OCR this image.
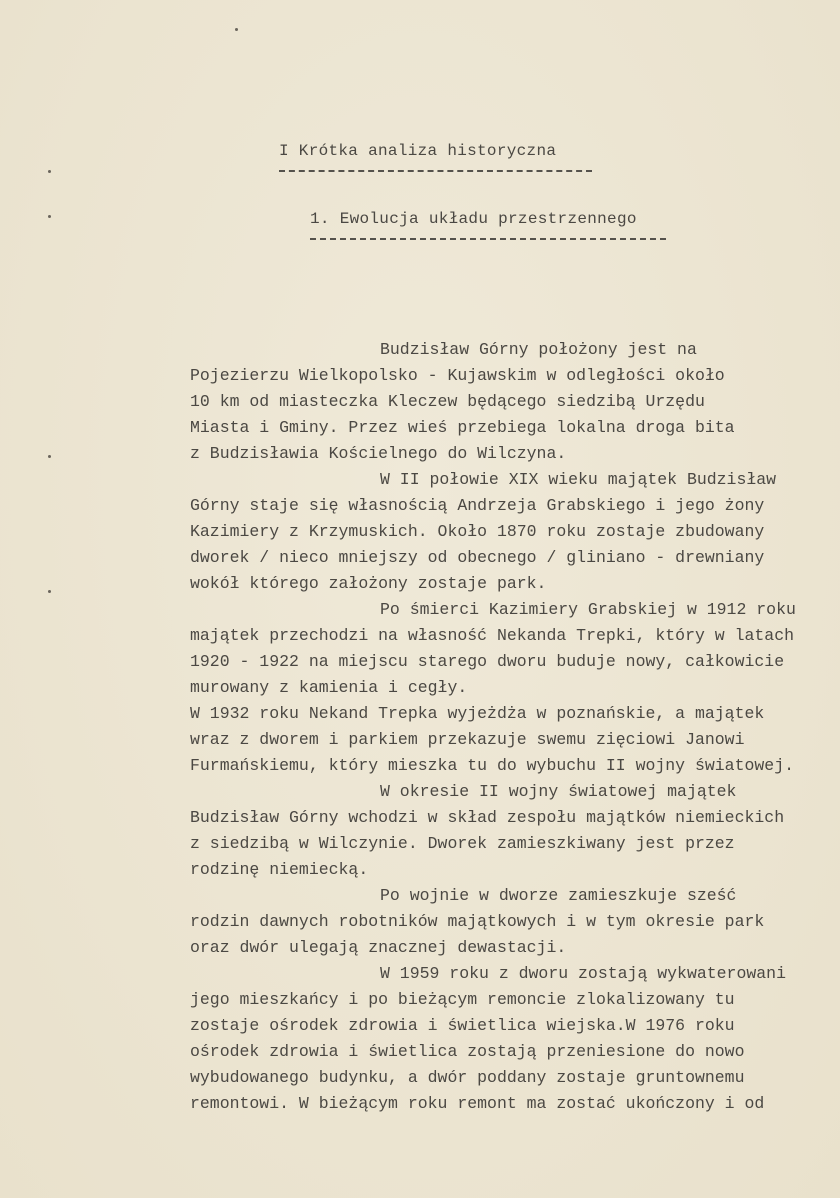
I Krótka analiza historyczna
1. Ewolucja układu przestrzennego
Budzisław Górny położony jest na
Pojezierzu Wielkopolsko - Kujawskim w odległości około
10 km od miasteczka Kleczew będącego siedzibą Urzędu
Miasta i Gminy. Przez wieś przebiega lokalna droga bita
z Budzisławia Kościelnego do Wilczyna.
W II połowie XIX wieku majątek Budzisław
Górny staje się własnością Andrzeja Grabskiego i jego żony
Kazimiery z Krzymuskich. Około 1870 roku zostaje zbudowany
dworek / nieco mniejszy od obecnego / gliniano - drewniany
wokół którego założony zostaje park.
Po śmierci Kazimiery Grabskiej w 1912 roku
majątek przechodzi na własność Nekanda Trepki, który w latach
1920 - 1922 na miejscu starego dworu buduje nowy, całkowicie
murowany z kamienia i cegły.
W 1932 roku Nekand Trepka wyjeżdża w poznańskie, a majątek
wraz z dworem i parkiem przekazuje swemu zięciowi Janowi
Furmańskiemu, który mieszka tu do wybuchu II wojny światowej.
W okresie II wojny światowej majątek
Budzisław Górny wchodzi w skład zespołu majątków niemieckich
z siedzibą w Wilczynie. Dworek zamieszkiwany jest przez
rodzinę niemiecką.
Po wojnie w dworze zamieszkuje sześć
rodzin dawnych robotników majątkowych i w tym okresie park
oraz dwór ulegają znacznej dewastacji.
W 1959 roku z dworu zostają wykwaterowani
jego mieszkańcy i po bieżącym remoncie zlokalizowany tu
zostaje ośrodek zdrowia i świetlica wiejska.W 1976 roku
ośrodek zdrowia i świetlica zostają przeniesione do nowo
wybudowanego budynku, a dwór poddany zostaje gruntownemu
remontowi. W bieżącym roku remont ma zostać ukończony i od
